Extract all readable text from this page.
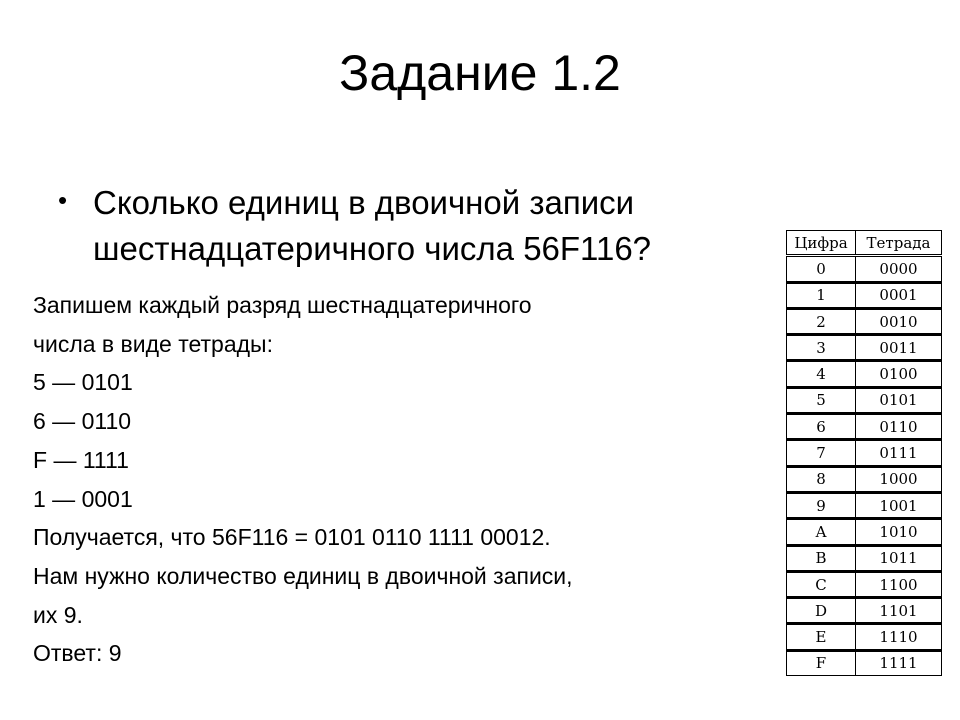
Задание 1.2
• Сколько единиц в двоичной записи шестнадцатеричного числа 56F116?

Запишем каждый разряд шестнадцатеричного
числа в виде тетрады:
5 — 0101
6 — 0110
F — 1111
1 — 0001
Получается, что 56F116 = 0101 0110 1111 00012.
Нам нужно количество единиц в двоичной записи,
их 9.
Ответ: 9
Цифра	Тетрада
0	0000
1	0001
2	0010
3	0011
4	0100
5	0101
6	0110
7	0111
8	1000
9	1001
A	1010
B	1011
C	1100
D	1101
E	1110
F	1111
